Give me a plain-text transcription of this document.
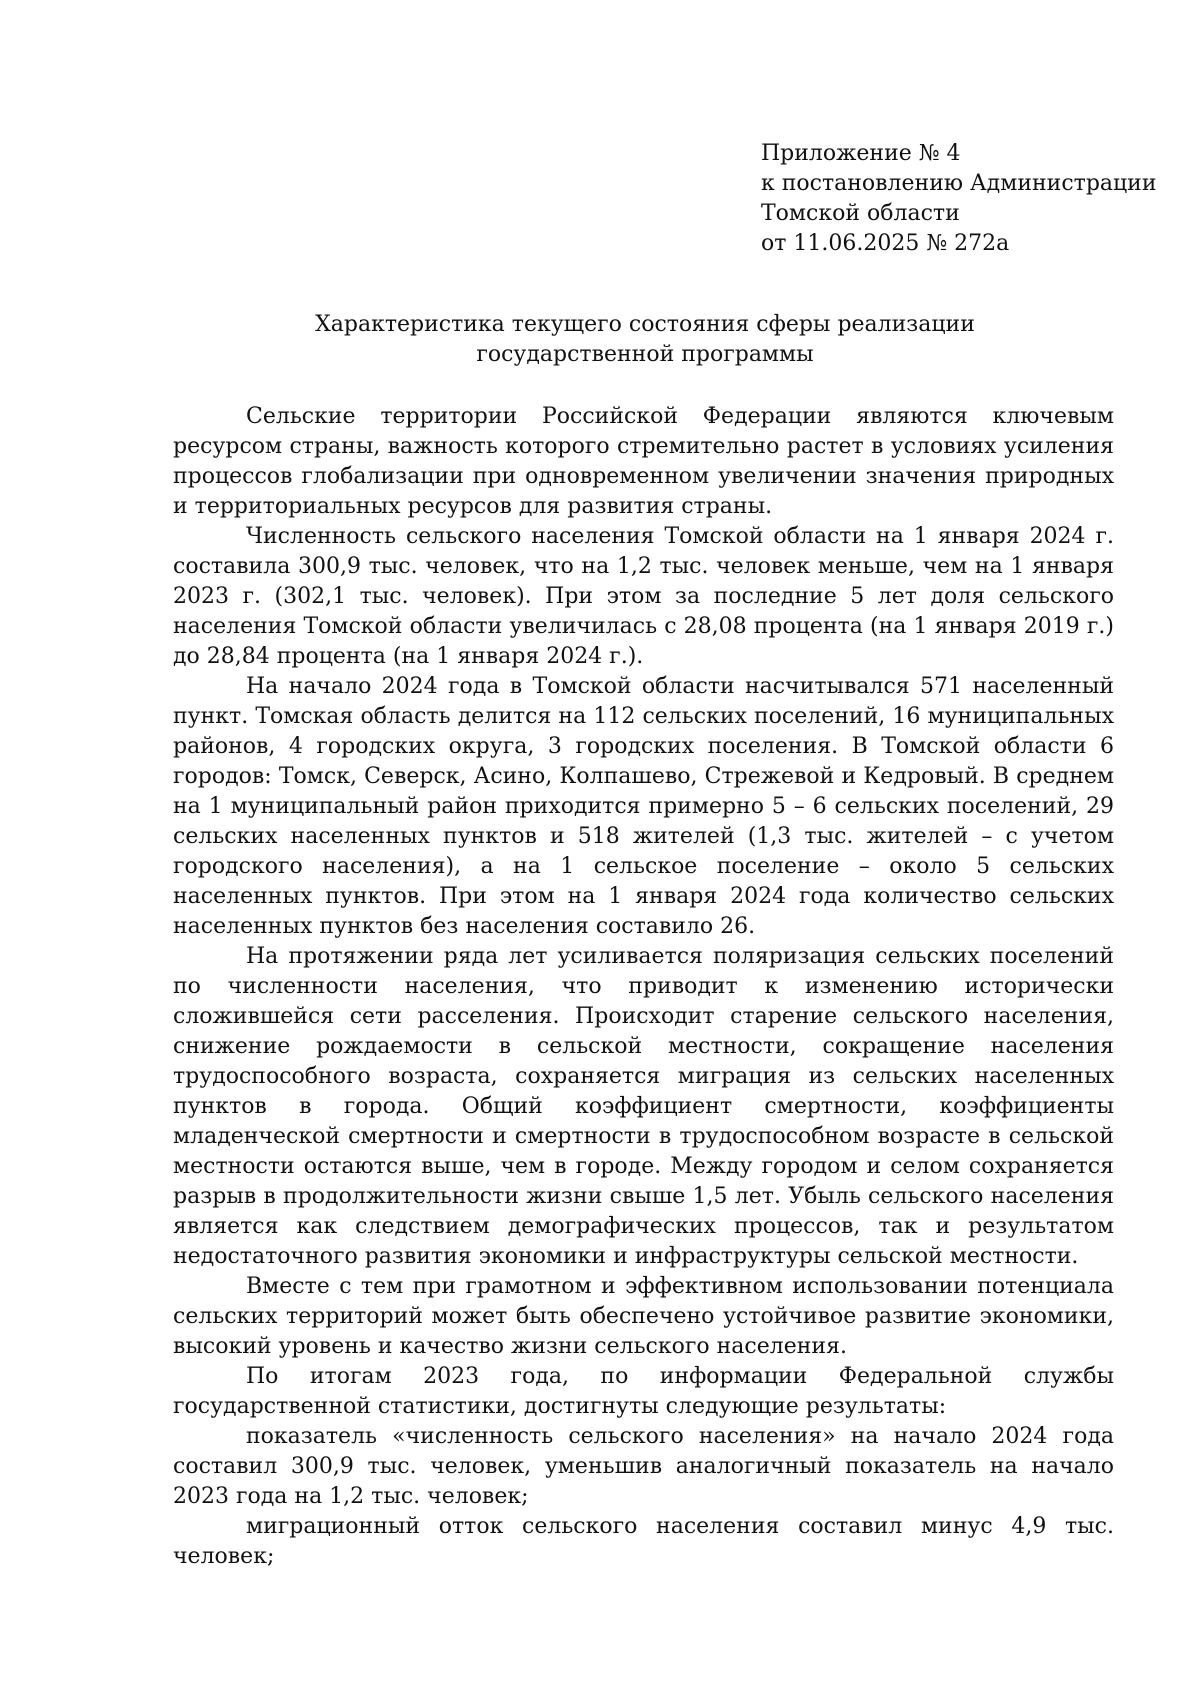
Приложение № 4
к постановлению Администрации
Томской области
от 11.06.2025 № 272а
Характеристика текущего состояния сферы реализации
государственной программы

Сельские территории Российской Федерации являются ключевым ресурсом страны, важность которого стремительно растет в условиях усиления процессов глобализации при одновременном увеличении значения природных и территориальных ресурсов для развития страны.

Численность сельского населения Томской области на 1 января 2024 г. составила 300,9 тыс. человек, что на 1,2 тыс. человек меньше, чем на 1 января 2023 г. (302,1 тыс. человек). При этом за последние 5 лет доля сельского населения Томской области увеличилась с 28,08 процента (на 1 января 2019 г.) до 28,84 процента (на 1 января 2024 г.).

На начало 2024 года в Томской области насчитывался 571 населенный пункт. Томская область делится на 112 сельских поселений, 16 муниципальных районов, 4 городских округа, 3 городских поселения. В Томской области 6 городов: Томск, Северск, Асино, Колпашево, Стрежевой и Кедровый. В среднем на 1 муниципальный район приходится примерно 5 – 6 сельских поселений, 29 сельских населенных пунктов и 518 жителей (1,3 тыс. жителей – с учетом городского населения), а на 1 сельское поселение – около 5 сельских населенных пунктов. При этом на 1 января 2024 года количество сельских населенных пунктов без населения составило 26.

На протяжении ряда лет усиливается поляризация сельских поселений по численности населения, что приводит к изменению исторически сложившейся сети расселения. Происходит старение сельского населения, снижение рождаемости в сельской местности, сокращение населения трудоспособного возраста, сохраняется миграция из сельских населенных пунктов в города. Общий коэффициент смертности, коэффициенты младенческой смертности и смертности в трудоспособном возрасте в сельской местности остаются выше, чем в городе. Между городом и селом сохраняется разрыв в продолжительности жизни свыше 1,5 лет. Убыль сельского населения является как следствием демографических процессов, так и результатом недостаточного развития экономики и инфраструктуры сельской местности.

Вместе с тем при грамотном и эффективном использовании потенциала сельских территорий может быть обеспечено устойчивое развитие экономики, высокий уровень и качество жизни сельского населения.

По итогам 2023 года, по информации Федеральной службы государственной статистики, достигнуты следующие результаты:

показатель «численность сельского населения» на начало 2024 года составил 300,9 тыс. человек, уменьшив аналогичный показатель на начало 2023 года на 1,2 тыс. человек;

миграционный отток сельского населения составил минус 4,9 тыс. человек;
